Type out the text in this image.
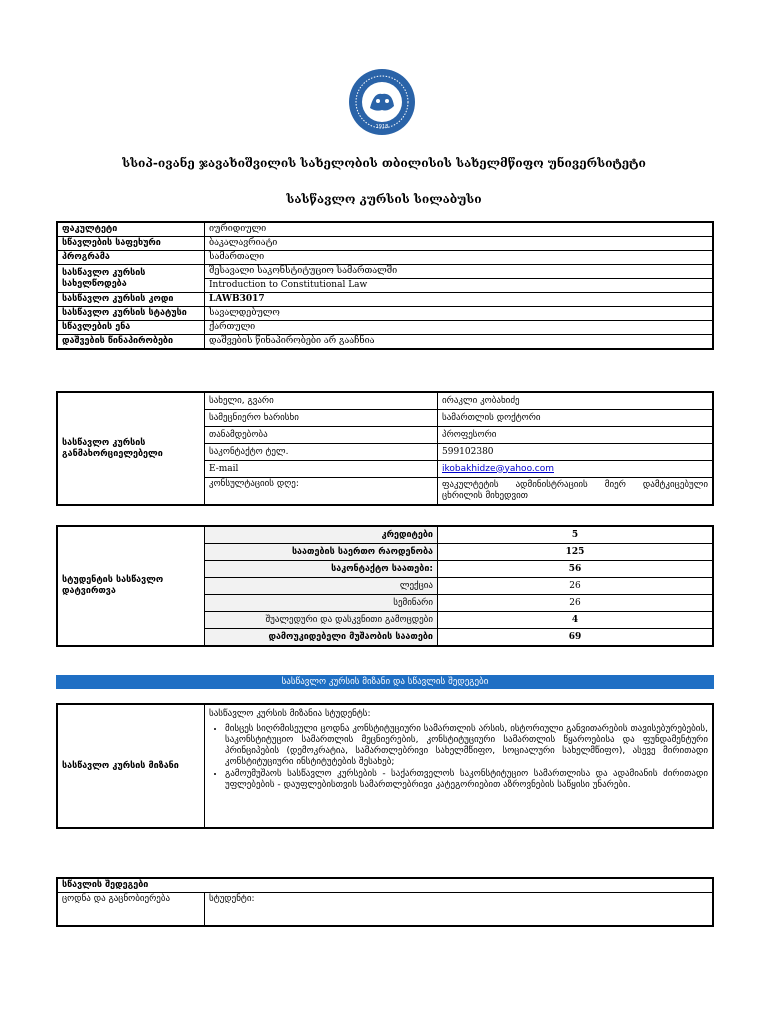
1918
სსიპ-ივანე ჯავახიშვილის სახელობის თბილისის სახელმწიფო უნივერსიტეტი
სასწავლო კურსის სილაბუსი
ფაკულტეტი	იურიდიული
სწავლების საფეხური	ბაკალავრიატი
პროგრამა	სამართალი
სასწავლო კურსის სახელწოდება	შესავალი საკონსტიტუციო სამართალში
	Introduction to Constitutional Law
სასწავლო კურსის კოდი	LAWB3017
სასწავლო კურსის სტატუსი	სავალდებულო
სწავლების ენა	ქართული
დაშვების წინაპირობები	დაშვების წინაპირობები არ გააჩნია
სასწავლო კურსის განმახორციელებელი	სახელი, გვარი	ირაკლი კობახიძე
	სამეცნიერო ხარისხი	სამართლის დოქტორი
	თანამდებობა	პროფესორი
	საკონტაქტო ტელ.	599102380
	E-mail	ikobakhidze@yahoo.com
	კონსულტაციის დღე:	ფაკულტეტის ადმინისტრაციის მიერ დამტკიცებული ცხრილის მიხედვით
სტუდენტის სასწავლო დატვირთვა	კრედიტები	5
	საათების საერთო რაოდენობა	125
	საკონტაქტო საათები:	56
	ლექცია	26
	სემინარი	26
	შუალედური და დასკვნითი გამოცდები	4
	დამოუკიდებელი მუშაობის საათები	69
სასწავლო კურსის მიზანი და სწავლის შედეგები
სასწავლო კურსის მიზანი	
სასწავლო კურსის მიზანია სტუდენტს:
• მისცეს სიღრმისეული ცოდნა კონსტიტუციური სამართლის არსის, ისტორიული განვითარების თავისებურებების, საკონსტიტუციო სამართლის მეცნიერების, კონსტიტუციური სამართლის წყაროებისა და ფუნდამენტური პრინციპების (დემოკრატია, სამართლებრივი სახელმწიფო, სოციალური სახელმწიფო), ასევე მირითადი კონსტიტუციური ინსტიტუტების შესახებ;
• გამოუმუშაოს სასწავლო კურსების - საქართველოს საკონსტიტუციო სამართლისა და ადამიანის ძირითადი უფლებების - დაუფლებისთვის სამართლებრივი კატეგორიებით აზროვნების საწყისი უნარები.
სწავლის შედეგები
ცოდნა და გაცნობიერება	სტუდენტი:
